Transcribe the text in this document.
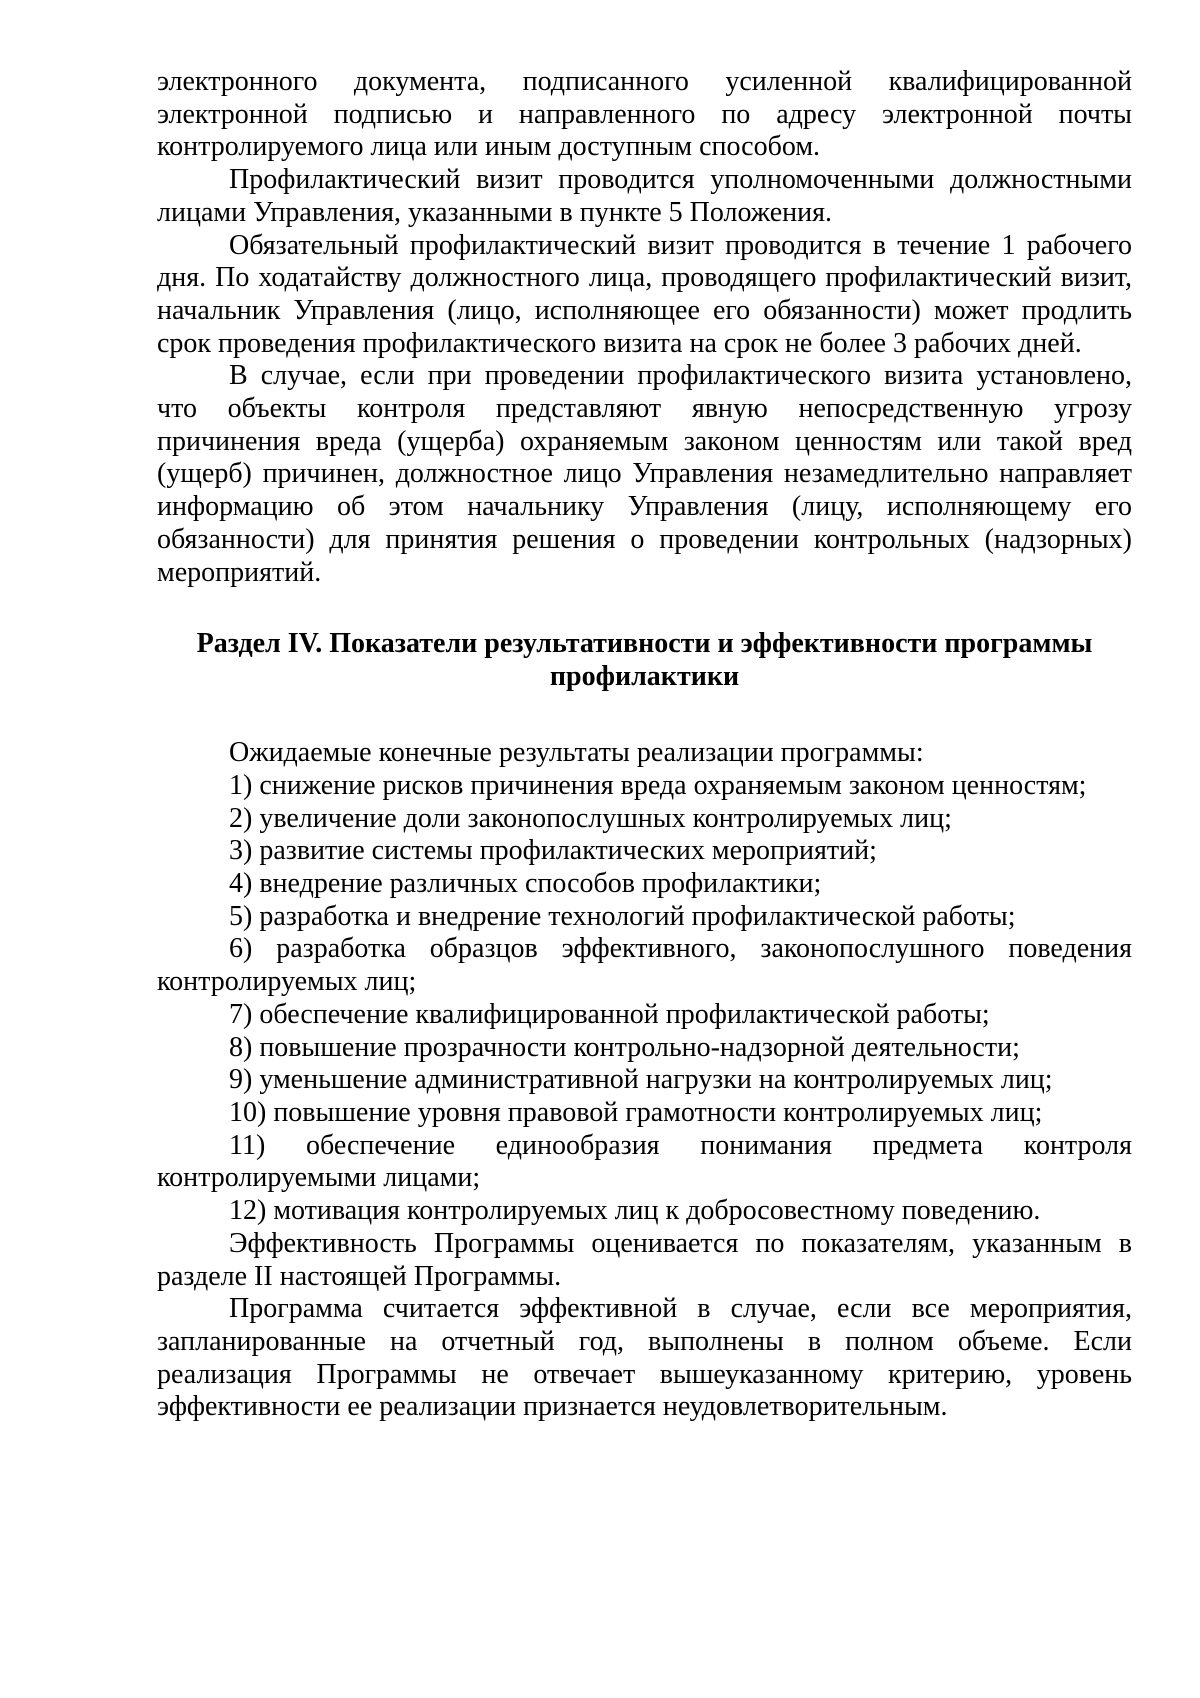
электронного документа, подписанного усиленной квалифицированной электронной подписью и направленного по адресу электронной почты контролируемого лица или иным доступным способом.

Профилактический визит проводится уполномоченными должностными лицами Управления, указанными в пункте 5 Положения.

Обязательный профилактический визит проводится в течение 1 рабочего дня. По ходатайству должностного лица, проводящего профилактический визит, начальник Управления (лицо, исполняющее его обязанности) может продлить срок проведения профилактического визита на срок не более 3 рабочих дней.

В случае, если при проведении профилактического визита установлено, что объекты контроля представляют явную непосредственную угрозу причинения вреда (ущерба) охраняемым законом ценностям или такой вред (ущерб) причинен, должностное лицо Управления незамедлительно направляет информацию об этом начальнику Управления (лицу, исполняющему его обязанности) для принятия решения о проведении контрольных (надзорных) мероприятий.

Раздел IV. Показатели результативности и эффективности программы
профилактики

Ожидаемые конечные результаты реализации программы:

1) снижение рисков причинения вреда охраняемым законом ценностям;

2) увеличение доли законопослушных контролируемых лиц;

3) развитие системы профилактических мероприятий;

4) внедрение различных способов профилактики;

5) разработка и внедрение технологий профилактической работы;

6) разработка образцов эффективного, законопослушного поведения контролируемых лиц;

7) обеспечение квалифицированной профилактической работы;

8) повышение прозрачности контрольно-надзорной деятельности;

9) уменьшение административной нагрузки на контролируемых лиц;

10) повышение уровня правовой грамотности контролируемых лиц;

11) обеспечение единообразия понимания предмета контроля контролируемыми лицами;

12) мотивация контролируемых лиц к добросовестному поведению.

Эффективность Программы оценивается по показателям, указанным в разделе II настоящей Программы.

Программа считается эффективной в случае, если все мероприятия, запланированные на отчетный год, выполнены в полном объеме. Если реализация Программы не отвечает вышеуказанному критерию, уровень эффективности ее реализации признается неудовлетворительным.
